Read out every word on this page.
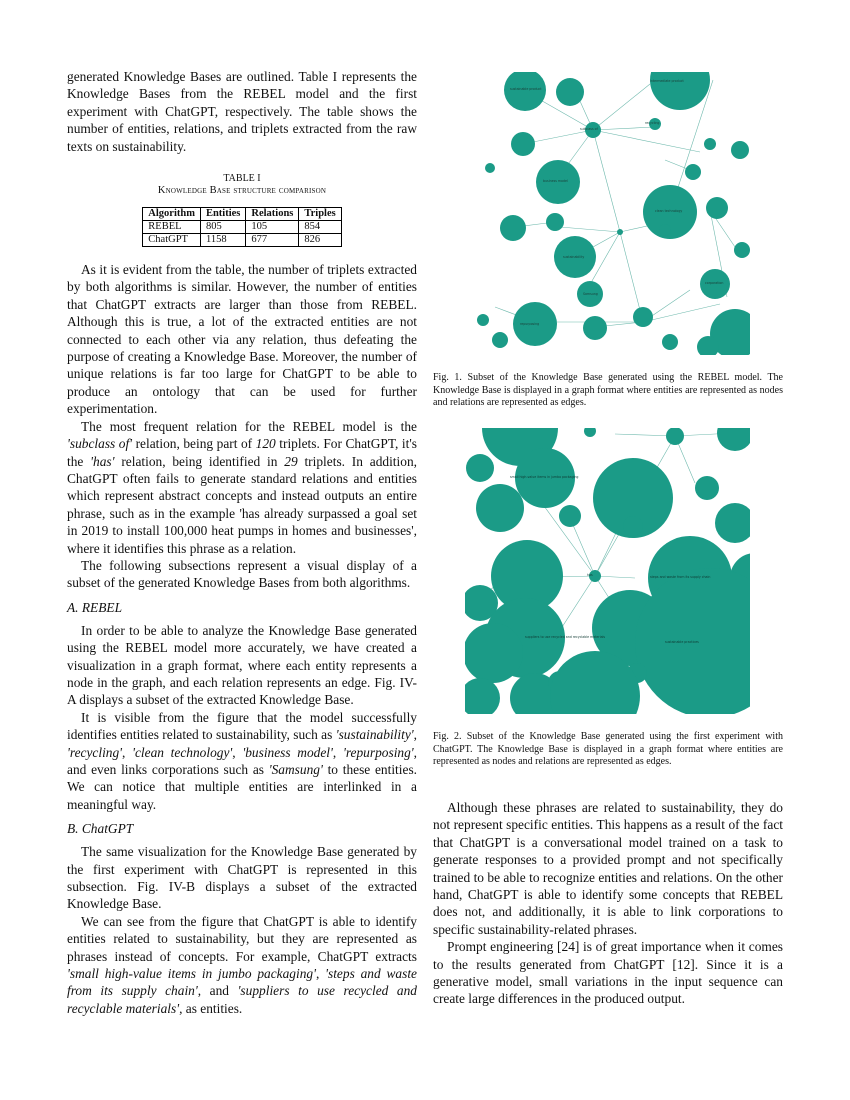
generated Knowledge Bases are outlined. Table I represents the Knowledge Bases from the REBEL model and the first experiment with ChatGPT, respectively. The table shows the number of entities, relations, and triplets extracted from the raw texts on sustainability.

TABLE I
Knowledge Base structure comparison
Algorithm	Entities	Relations	Triples
REBEL	805	105	854
ChatGPT	1158	677	826

As it is evident from the table, the number of triplets extracted by both algorithms is similar. However, the number of entities that ChatGPT extracts are larger than those from REBEL. Although this is true, a lot of the extracted entities are not connected to each other via any relation, thus defeating the purpose of creating a Knowledge Base. Moreover, the number of unique relations is far too large for ChatGPT to be able to produce an ontology that can be used for further experimentation.

The most frequent relation for the REBEL model is the 'subclass of' relation, being part of 120 triplets. For ChatGPT, it's the 'has' relation, being identified in 29 triplets. In addition, ChatGPT often fails to generate standard relations and entities which represent abstract concepts and instead outputs an entire phrase, such as in the example 'has already surpassed a goal set in 2019 to install 100,000 heat pumps in homes and businesses', where it identifies this phrase as a relation.

The following subsections represent a visual display of a subset of the generated Knowledge Bases from both algorithms.

A. REBEL

In order to be able to analyze the Knowledge Base generated using the REBEL model more accurately, we have created a visualization in a graph format, where each entity represents a node in the graph, and each relation represents an edge. Fig. IV-A displays a subset of the extracted Knowledge Base.

It is visible from the figure that the model successfully identifies entities related to sustainability, such as 'sustainability', 'recycling', 'clean technology', 'business model', 'repurposing', and even links corporations such as 'Samsung' to these entities. We can notice that multiple entities are interlinked in a meaningful way.

B. ChatGPT

The same visualization for the Knowledge Base generated by the first experiment with ChatGPT is represented in this subsection. Fig. IV-B displays a subset of the extracted Knowledge Base.

We can see from the figure that ChatGPT is able to identify entities related to sustainability, but they are represented as phrases instead of concepts. For example, ChatGPT extracts 'small high-value items in jumbo packaging', 'steps and waste from its supply chain', and 'suppliers to use recycled and recyclable materials', as entities.

sustainable product
intermediate product
subclass of
recycling
business model
clean technology
sustainability
repurposing
Samsung
corporation
Fig. 1. Subset of the Knowledge Base generated using the REBEL model. The Knowledge Base is displayed in a graph format where entities are represented as nodes and relations are represented as edges.
small high-value items in jumbo packaging
steps and waste from its supply chain
suppliers to use recycled and recyclable materials
has
sustainable practices
Fig. 2. Subset of the Knowledge Base generated using the first experiment with ChatGPT. The Knowledge Base is displayed in a graph format where entities are represented as nodes and relations are represented as edges.

Although these phrases are related to sustainability, they do not represent specific entities. This happens as a result of the fact that ChatGPT is a conversational model trained on a task to generate responses to a provided prompt and not specifically trained to be able to recognize entities and relations. On the other hand, ChatGPT is able to identify some concepts that REBEL does not, and additionally, it is able to link corporations to specific sustainability-related phrases.

Prompt engineering [24] is of great importance when it comes to the results generated from ChatGPT [12]. Since it is a generative model, small variations in the input sequence can create large differences in the produced output.
